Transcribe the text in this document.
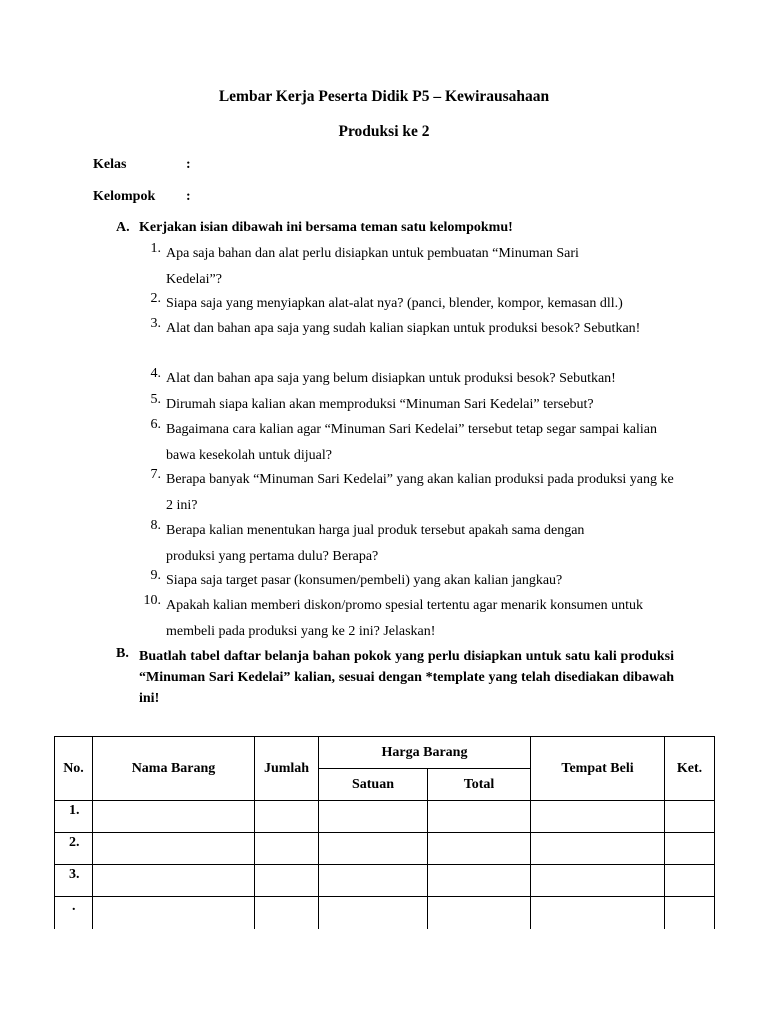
Lembar Kerja Peserta Didik P5 – Kewirausahaan
Produksi ke 2
Kelas	:
Kelompok :
A. Kerjakan isian dibawah ini bersama teman satu kelompokmu!
1. Apa saja bahan dan alat perlu disiapkan untuk pembuatan “Minuman Sari Kedelai”?
2. Siapa saja yang menyiapkan alat-alat nya? (panci, blender, kompor, kemasan dll.)
3. Alat dan bahan apa saja yang sudah kalian siapkan untuk produksi besok? Sebutkan!
4. Alat dan bahan apa saja yang belum disiapkan untuk produksi besok? Sebutkan!
5. Dirumah siapa kalian akan memproduksi “Minuman Sari Kedelai” tersebut?
6. Bagaimana cara kalian agar “Minuman Sari Kedelai” tersebut tetap segar sampai kalian bawa kesekolah untuk dijual?
7. Berapa banyak “Minuman Sari Kedelai” yang akan kalian produksi pada produksi yang ke 2 ini?
8. Berapa kalian menentukan harga jual produk tersebut apakah sama dengan produksi yang pertama dulu? Berapa?
9. Siapa saja target pasar (konsumen/pembeli) yang akan kalian jangkau?
10. Apakah kalian memberi diskon/promo spesial tertentu agar menarik konsumen untuk membeli pada produksi yang ke 2 ini? Jelaskan!
B. Buatlah tabel daftar belanja bahan pokok yang perlu disiapkan untuk satu kali produksi “Minuman Sari Kedelai” kalian, sesuai dengan *template yang telah disediakan dibawah ini!
No.	Nama Barang	Jumlah	Harga Barang		Tempat Beli	Ket.
			Satuan	Total		
1.						
2.						
3.						
.						
